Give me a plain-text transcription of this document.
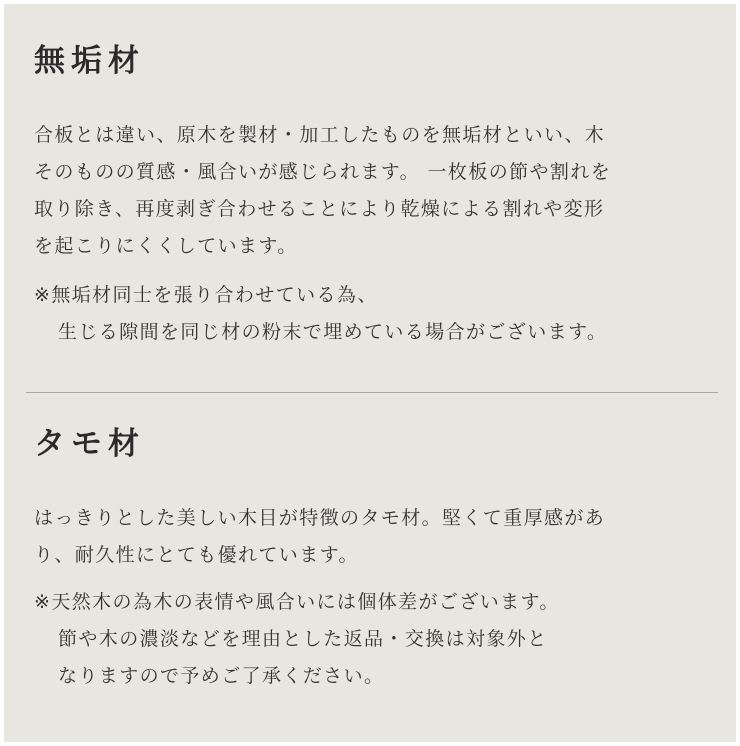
無垢材

合板とは違い、原木を製材・加工したものを無垢材といい、木
そのものの質感・風合いが感じられます。 一枚板の節や割れを
取り除き、再度剥ぎ合わせることにより乾燥による割れや変形
を起こりにくくしています。

※無垢材同士を張り合わせている為、
生じる隙間を同じ材の粉末で埋めている場合がございます。

タモ材

はっきりとした美しい木目が特徴のタモ材。堅くて重厚感があ
り、耐久性にとても優れています。

※天然木の為木の表情や風合いには個体差がございます。
節や木の濃淡などを理由とした返品・交換は対象外と
なりますので予めご了承ください。
